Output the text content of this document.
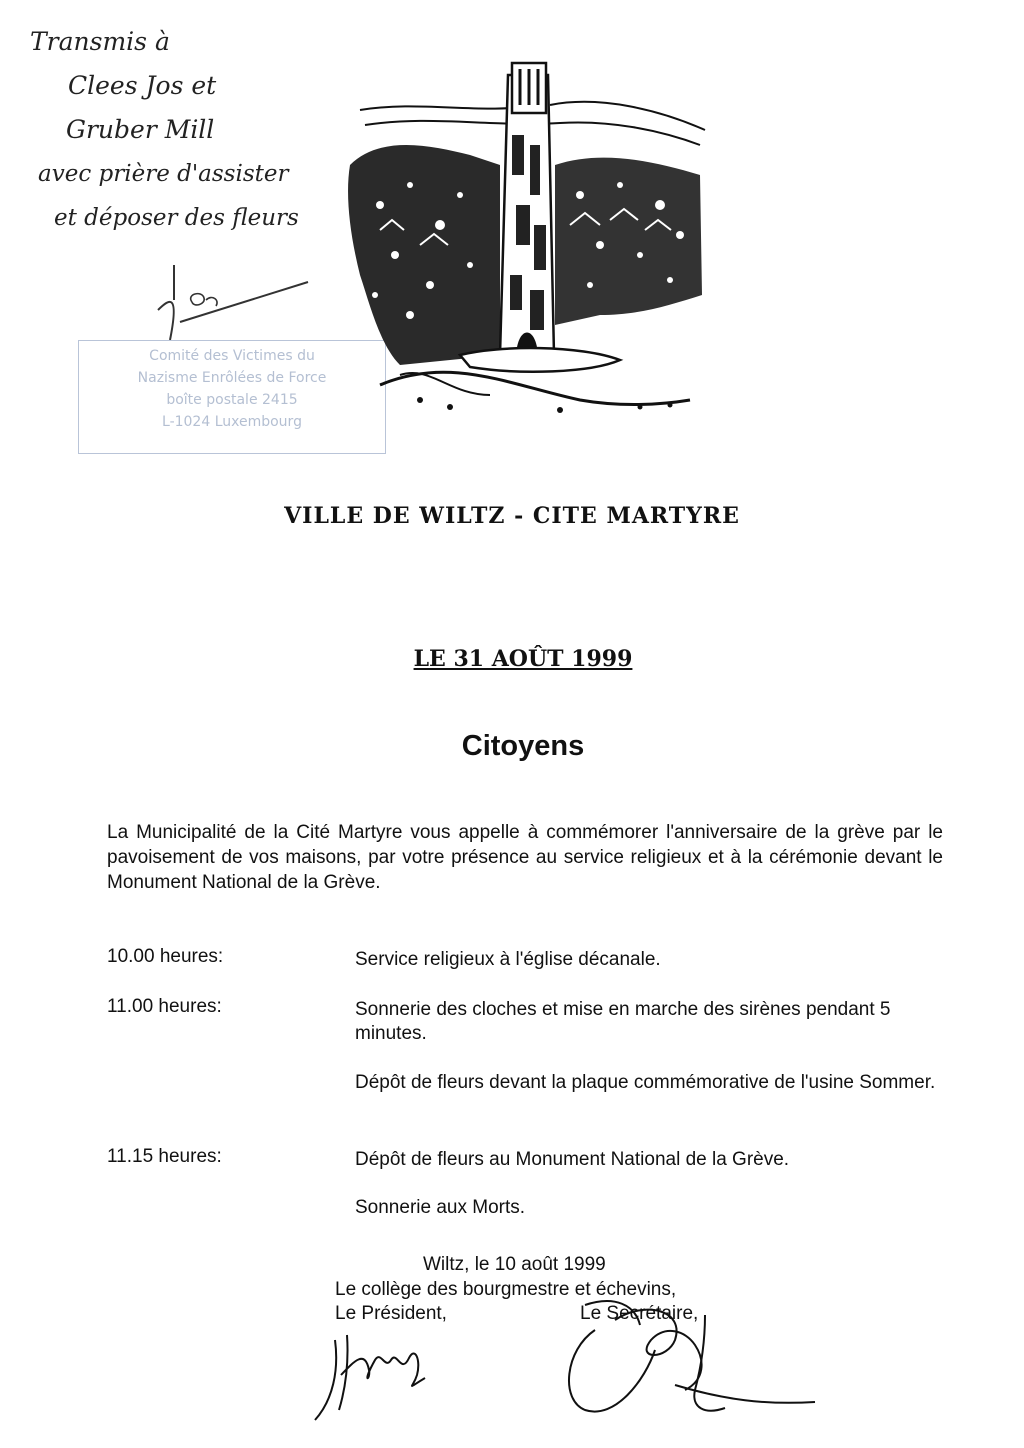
Transmis à
Clees Jos et
Gruber Mill
avec prière d'assister
et déposer des fleurs
Comité des Victimes du
Nazisme Enrôlées de Force
boîte postale 2415
L-1024 Luxembourg
VILLE DE WILTZ - CITE MARTYRE
LE 31 AOÛT 1999
Citoyens
La Municipalité de la Cité Martyre vous appelle à commémorer l'anniversaire de la grève par le pavoisement de vos maisons, par votre présence au service religieux et à la cérémonie devant le Monument National de la Grève.
10.00 heures:	Service religieux à l'église décanale.
11.00 heures:	Sonnerie des cloches et mise en marche des sirènes pendant 5 minutes.
Dépôt de fleurs devant la plaque commémorative de l'usine Sommer.
11.15 heures:	Dépôt de fleurs au Monument National de la Grève.
Sonnerie aux Morts.
Wiltz, le 10 août 1999
Le collège des bourgmestre et échevins,
Le Président,	Le Secrétaire,
